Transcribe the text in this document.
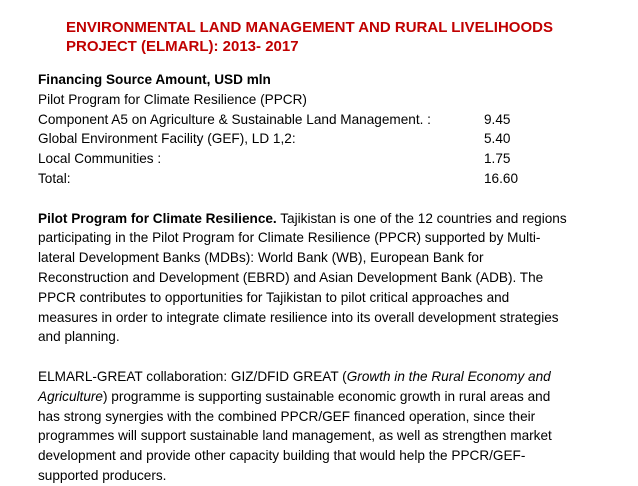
ENVIRONMENTAL LAND MANAGEMENT AND RURAL LIVELIHOODS
PROJECT (ELMARL): 2013- 2017
Financing Source Amount, USD mln
Pilot Program for Climate Resilience (PPCR)
Component A5 on Agriculture & Sustainable Land Management. :	9.45
Global Environment Facility (GEF), LD 1,2:	5.40
Local Communities :	1.75
Total:	16.60
Pilot Program for Climate Resilience. Tajikistan is one of the 12 countries and regions
participating in the Pilot Program for Climate Resilience (PPCR) supported by Multi-
lateral Development Banks (MDBs): World Bank (WB), European Bank for
Reconstruction and Development (EBRD) and Asian Development Bank (ADB). The
PPCR contributes to opportunities for Tajikistan to pilot critical approaches and
measures in order to integrate climate resilience into its overall development strategies
and planning.
ELMARL-GREAT collaboration: GIZ/DFID GREAT (Growth in the Rural Economy and
Agriculture) programme is supporting sustainable economic growth in rural areas and
has strong synergies with the combined PPCR/GEF financed operation, since their
programmes will support sustainable land management, as well as strengthen market
development and provide other capacity building that would help the PPCR/GEF-
supported producers.
